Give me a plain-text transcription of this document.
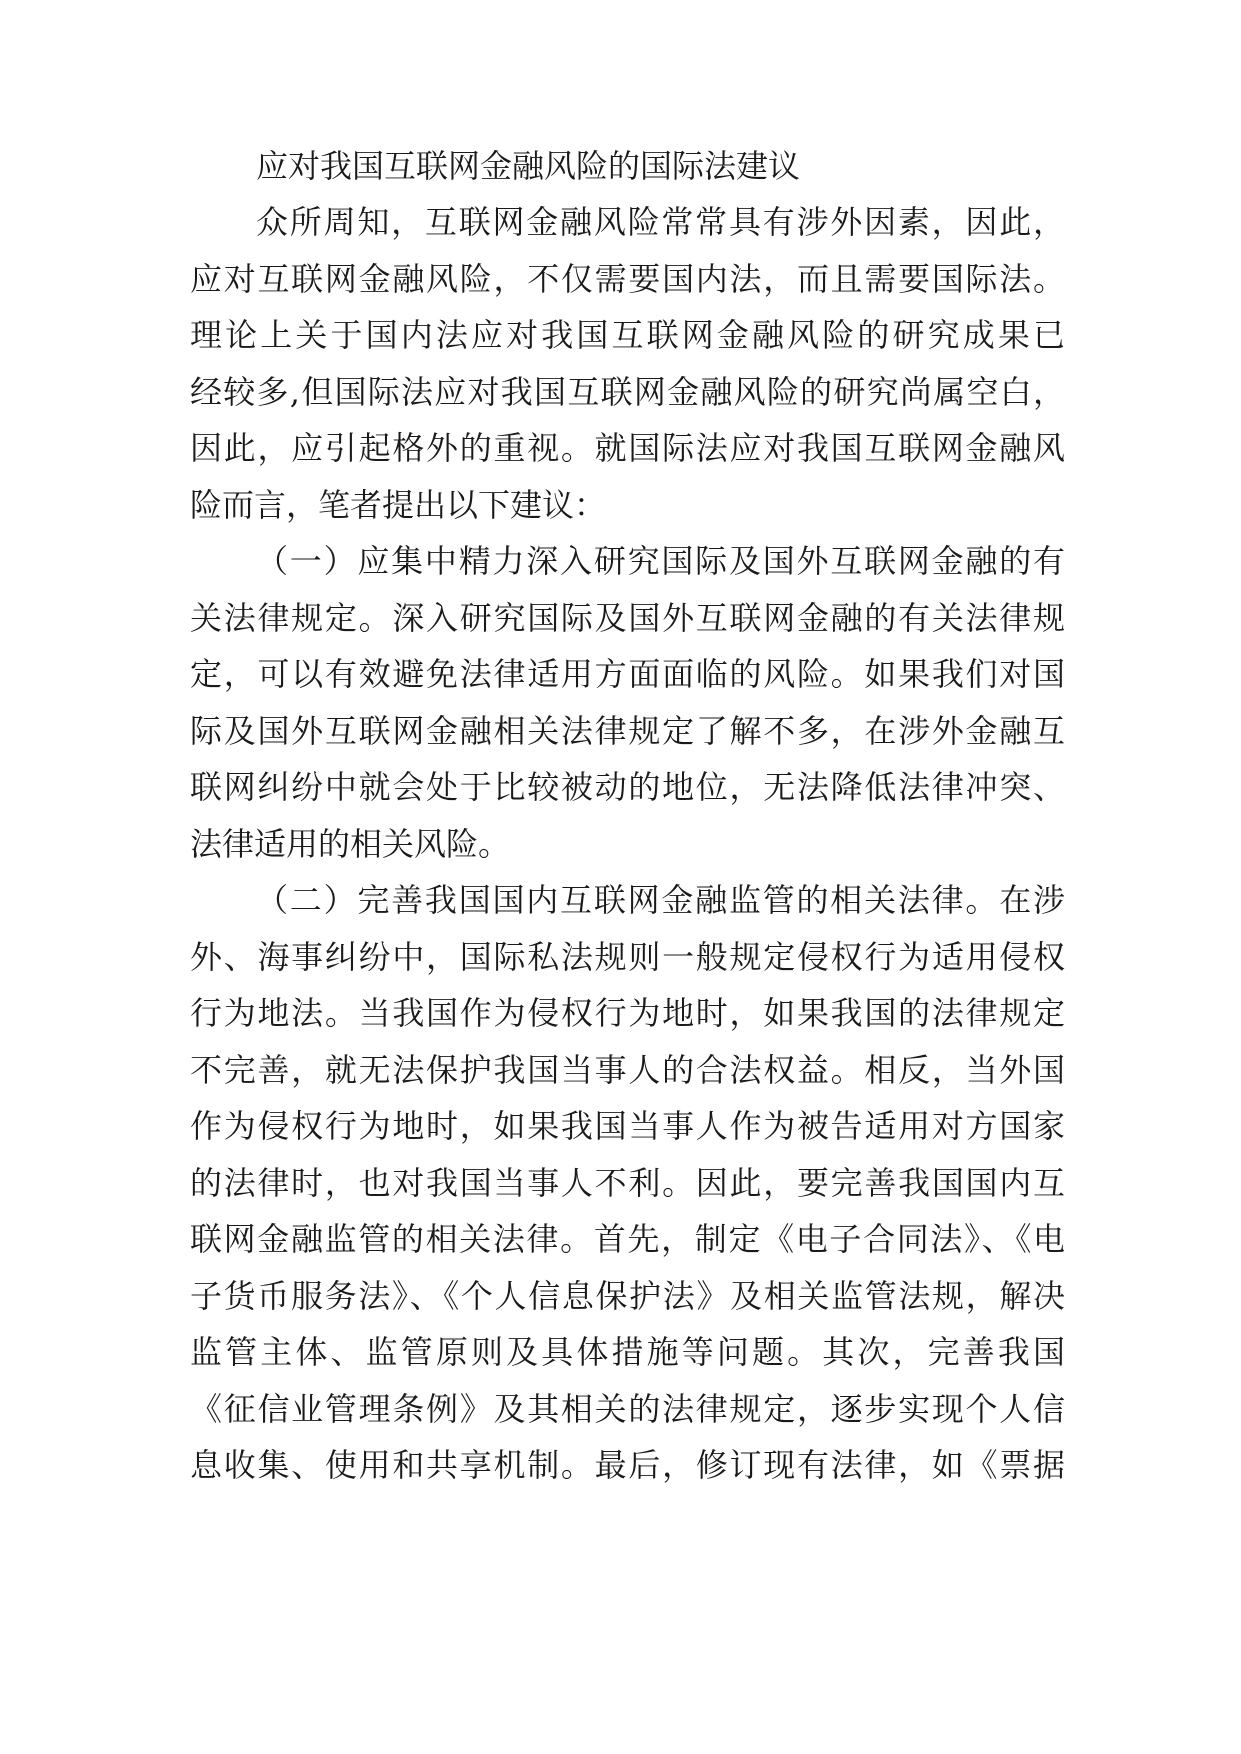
应对我国互联网金融风险的国际法建议
众所周知，互联网金融风险常常具有涉外因素，因此，
应对互联网金融风险，不仅需要国内法，而且需要国际法。
理论上关于国内法应对我国互联网金融风险的研究成果已
经较多,但国际法应对我国互联网金融风险的研究尚属空白，
因此，应引起格外的重视。就国际法应对我国互联网金融风
险而言，笔者提出以下建议：
（一）应集中精力深入研究国际及国外互联网金融的有
关法律规定。深入研究国际及国外互联网金融的有关法律规
定，可以有效避免法律适用方面面临的风险。如果我们对国
际及国外互联网金融相关法律规定了解不多，在涉外金融互
联网纠纷中就会处于比较被动的地位，无法降低法律冲突、
法律适用的相关风险。
（二）完善我国国内互联网金融监管的相关法律。在涉
外、海事纠纷中，国际私法规则一般规定侵权行为适用侵权
行为地法。当我国作为侵权行为地时，如果我国的法律规定
不完善，就无法保护我国当事人的合法权益。相反，当外国
作为侵权行为地时，如果我国当事人作为被告适用对方国家
的法律时，也对我国当事人不利。因此，要完善我国国内互
联网金融监管的相关法律。首先，制定《电子合同法》、《电
子货币服务法》、《个人信息保护法》及相关监管法规，解决
监管主体、监管原则及具体措施等问题。其次，完善我国
《征信业管理条例》及其相关的法律规定，逐步实现个人信
息收集、使用和共享机制。最后，修订现有法律，如《票据
